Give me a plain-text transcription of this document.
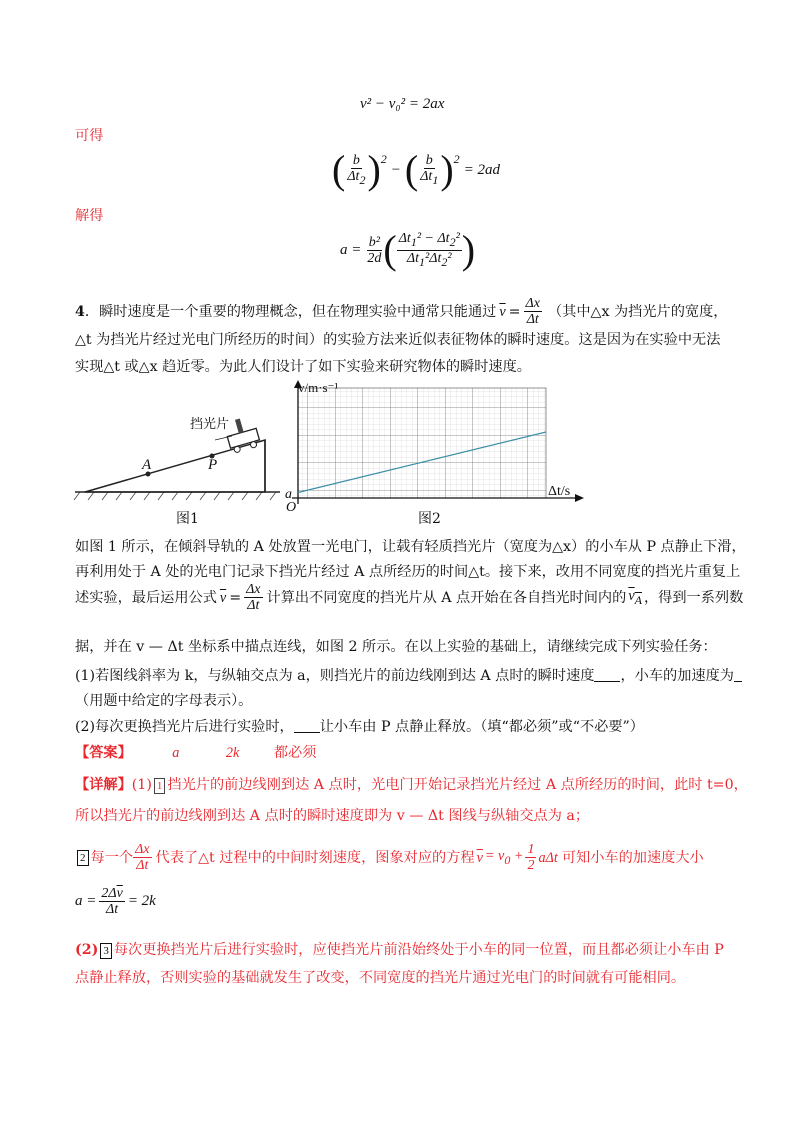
v² − v₀² = 2ax
可得
( $\frac{b}{\Delta t_2} )^2$
− ( $\frac{b}{\Delta t_1} )^2$
= 2ad
解得
$a = \frac{\text{b²}}{2d}$ ( $\frac{\Delta t_1^2 - \Delta t_2^2}{\Delta t_1^2\Delta t_2^2}$ )
4 ．瞬时速度是一个重要的物理概念，但在物理实验中通常只能通过 $\overline{v} = \frac{\Delta x}{\Delta t}$ （其中△x 为挡光片的宽度，
△t 为挡光片经过光电门所经历的时间）的实验方法来近似表征物体的瞬时速度。这是因为在实验中无法
实现△t 或△x 趋近零。为此人们设计了如下实验来研究物体的瞬时速度。
挡光片
A	P
图1
v/m·s⁻¹
Δt/s
O
a
图2
如图 1 所示，在倾斜导轨的 A 处放置一光电门，让载有轻质挡光片（宽度为△x）的小车从 P 点静止下滑，
再利用处于 A 处的光电门记录下挡光片经过 A 点所经历的时间△t。接下来，改用不同宽度的挡光片重复上
述实验，最后运用公式 $\overline{v} = \frac{\Delta x}{\Delta t}$ 计算出不同宽度的挡光片从 A 点开始在各自挡光时间内的 $v_A$ ，得到一系列数
据，并在 v — Δt 坐标系中描点连线，如图 2 所示。在以上实验的基础上，请继续完成下列实验任务：
(1)若图线斜率为 k，与纵轴交点为 a，则挡光片的前边线刚到达 A 点时的瞬时速度 ，小车的加速度为
（用题中给定的字母表示）。
(2)每次更换挡光片后进行实验时， 让小车由 P 点静止释放。（填“都必须”或“不必要”）
【答案】	a	2k 都必须
【详解】(1) 1 挡光片的前边线刚到达 A 点时，光电门开始记录挡光片经过 A 点所经历的时间，此时 t=0，
所以挡光片的前边线刚到达 A 点时的瞬时速度即为 v — Δt 图线与纵轴交点为 a；
2 每一个 $\frac{\Delta x}{\Delta t}$ 代表了△t 过程中的中间时刻速度，图象对应的方程 $\overline{v} = v_0 + \frac{1}{2}$ aΔt 可知小车的加速度大小
$a = \frac{2\Delta\overline{v}}{\Delta t} = 2k$
(2) 3 每次更换挡光片后进行实验时，应使挡光片前沿始终处于小车的同一位置，而且都必须让小车由 P
点静止释放，否则实验的基础就发生了改变，不同宽度的挡光片通过光电门的时间就有可能相同。
